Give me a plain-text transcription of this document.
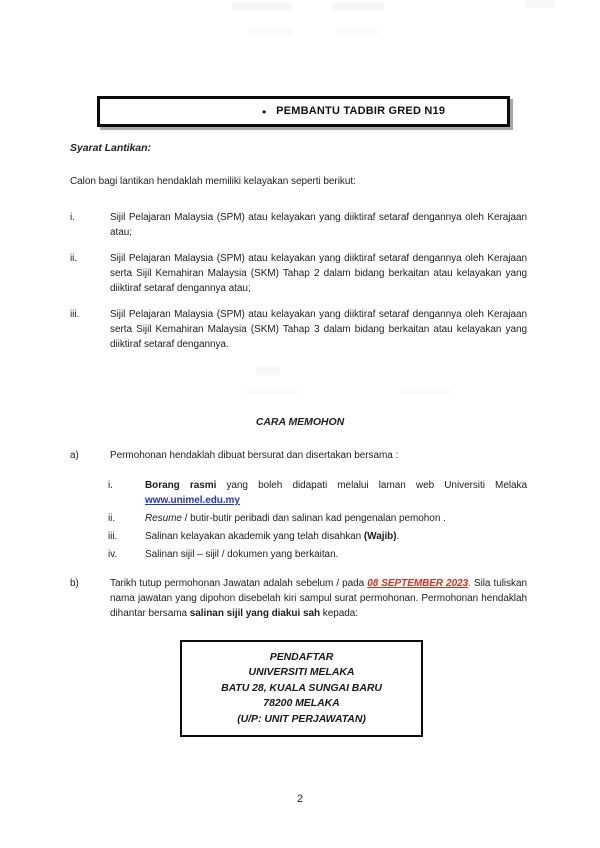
• PEMBANTU TADBIR GRED N19
Syarat Lantikan:
Calon bagi lantikan hendaklah memiliki kelayakan seperti berikut:
i.	Sijil Pelajaran Malaysia (SPM) atau kelayakan yang diiktiraf setaraf dengannya oleh Kerajaan atau;
ii.	Sijil Pelajaran Malaysia (SPM) atau kelayakan yang diiktiraf setaraf dengannya oleh Kerajaan serta Sijil Kemahiran Malaysia (SKM) Tahap 2 dalam bidang berkaitan atau kelayakan yang diiktiraf setaraf dengannya atau;
iii.	Sijil Pelajaran Malaysia (SPM) atau kelayakan yang diiktiraf setaraf dengannya oleh Kerajaan serta Sijil Kemahiran Malaysia (SKM) Tahap 3 dalam bidang berkaitan atau kelayakan yang diiktiraf setaraf dengannya.
CARA MEMOHON
a)	Permohonan hendaklah dibuat bersurat dan disertakan bersama :
i.	Borang rasmi yang boleh didapati melalui laman web Universiti Melaka
www.unimel.edu.my
ii.	Resume / butir-butir peribadi dan salinan kad pengenalan pemohon .
iii.	Salinan kelayakan akademik yang telah disahkan (Wajib).
iv.	Salinan sijil – sijil / dokumen yang berkaitan.
b)	Tarikh tutup permohonan Jawatan adalah sebelum / pada 08 SEPTEMBER 2023. Sila tuliskan nama jawatan yang dipohon disebelah kiri sampul surat permohonan. Permohonan hendaklah dihantar bersama salinan sijil yang diakui sah kepada:
PENDAFTAR
UNIVERSITI MELAKA
BATU 28, KUALA SUNGAI BARU
78200 MELAKA
(U/P: UNIT PERJAWATAN)
2
